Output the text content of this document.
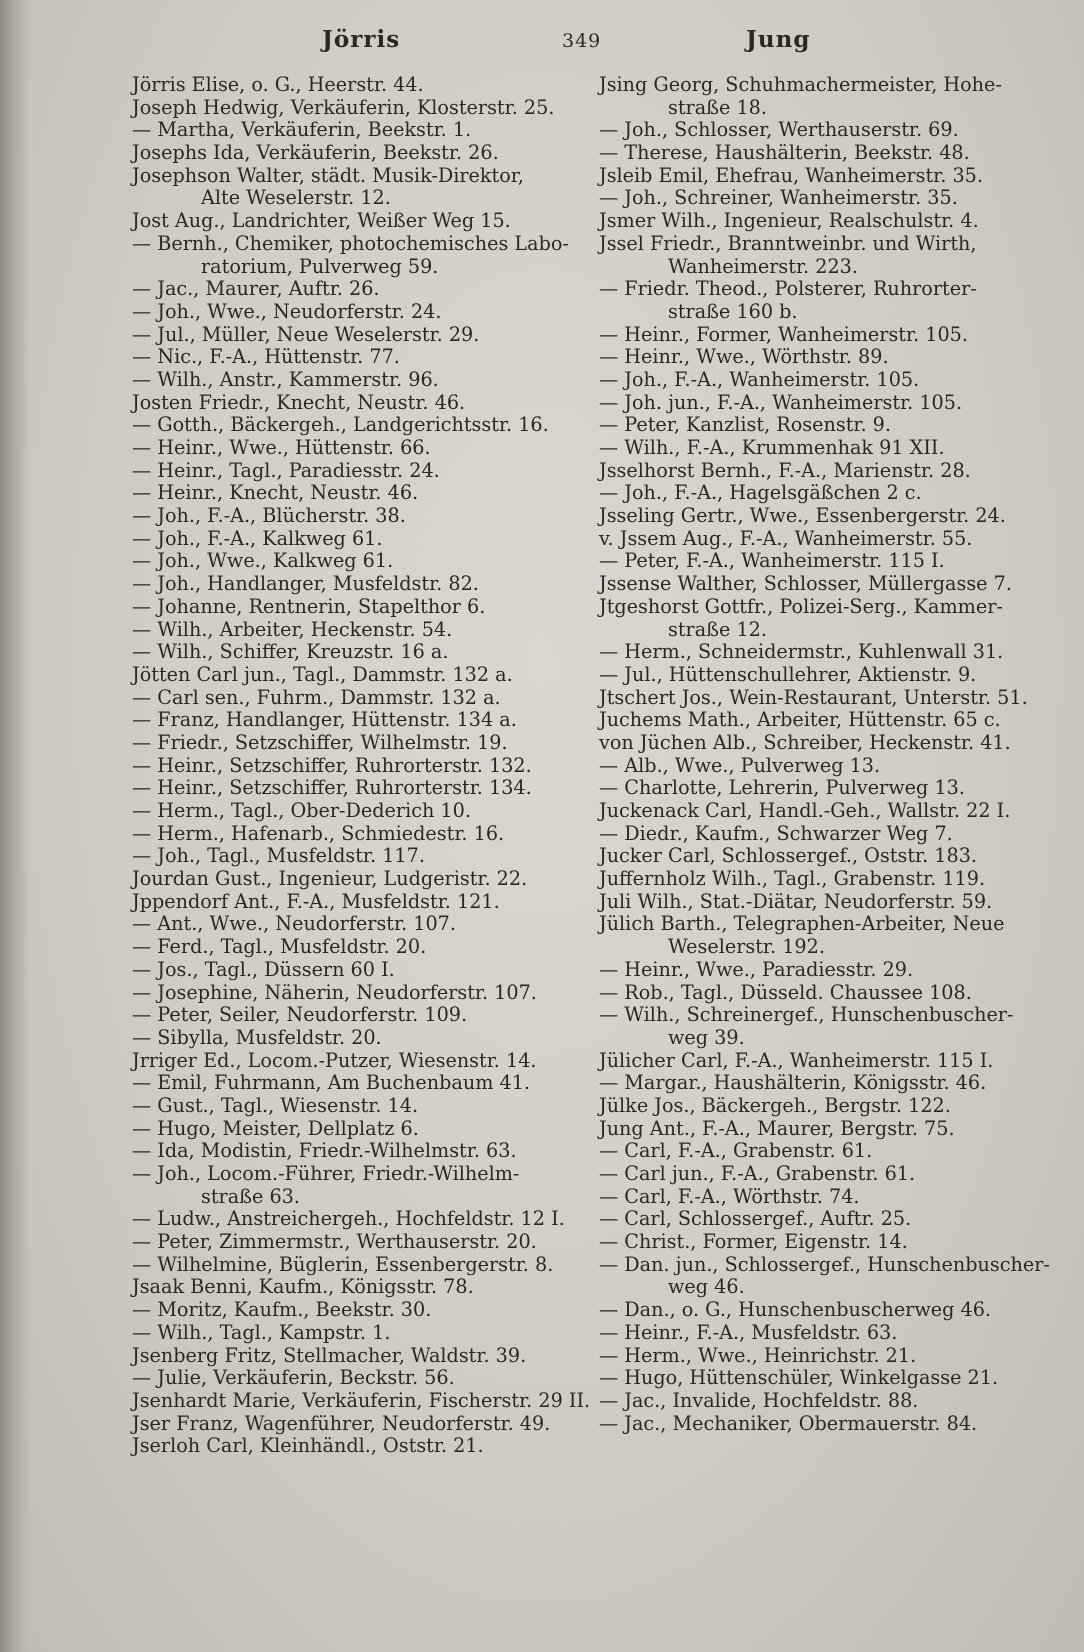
Jörris	349	Jung
Jörris Elise, o. G., Heerstr. 44.
Joseph Hedwig, Verkäuferin, Klosterstr. 25.
— Martha, Verkäuferin, Beekstr. 1.
Josephs Ida, Verkäuferin, Beekstr. 26.
Josephson Walter, städt. Musik-Direktor,
Alte Weselerstr. 12.
Jost Aug., Landrichter, Weißer Weg 15.
— Bernh., Chemiker, photochemisches Labo-
ratorium, Pulverweg 59.
— Jac., Maurer, Auftr. 26.
— Joh., Wwe., Neudorferstr. 24.
— Jul., Müller, Neue Weselerstr. 29.
— Nic., F.-A., Hüttenstr. 77.
— Wilh., Anstr., Kammerstr. 96.
Josten Friedr., Knecht, Neustr. 46.
— Gotth., Bäckergeh., Landgerichtsstr. 16.
— Heinr., Wwe., Hüttenstr. 66.
— Heinr., Tagl., Paradiesstr. 24.
— Heinr., Knecht, Neustr. 46.
— Joh., F.-A., Blücherstr. 38.
— Joh., F.-A., Kalkweg 61.
— Joh., Wwe., Kalkweg 61.
— Joh., Handlanger, Musfeldstr. 82.
— Johanne, Rentnerin, Stapelthor 6.
— Wilh., Arbeiter, Heckenstr. 54.
— Wilh., Schiffer, Kreuzstr. 16 a.
Jötten Carl jun., Tagl., Dammstr. 132 a.
— Carl sen., Fuhrm., Dammstr. 132 a.
— Franz, Handlanger, Hüttenstr. 134 a.
— Friedr., Setzschiffer, Wilhelmstr. 19.
— Heinr., Setzschiffer, Ruhrorterstr. 132.
— Heinr., Setzschiffer, Ruhrorterstr. 134.
— Herm., Tagl., Ober-Dederich 10.
— Herm., Hafenarb., Schmiedestr. 16.
— Joh., Tagl., Musfeldstr. 117.
Jourdan Gust., Ingenieur, Ludgeristr. 22.
Jppendorf Ant., F.-A., Musfeldstr. 121.
— Ant., Wwe., Neudorferstr. 107.
— Ferd., Tagl., Musfeldstr. 20.
— Jos., Tagl., Düssern 60 I.
— Josephine, Näherin, Neudorferstr. 107.
— Peter, Seiler, Neudorferstr. 109.
— Sibylla, Musfeldstr. 20.
Jrriger Ed., Locom.-Putzer, Wiesenstr. 14.
— Emil, Fuhrmann, Am Buchenbaum 41.
— Gust., Tagl., Wiesenstr. 14.
— Hugo, Meister, Dellplatz 6.
— Ida, Modistin, Friedr.-Wilhelmstr. 63.
— Joh., Locom.-Führer, Friedr.-Wilhelm-
straße 63.
— Ludw., Anstreichergeh., Hochfeldstr. 12 I.
— Peter, Zimmermstr., Werthauserstr. 20.
— Wilhelmine, Büglerin, Essenbergerstr. 8.
Jsaak Benni, Kaufm., Königsstr. 78.
— Moritz, Kaufm., Beekstr. 30.
— Wilh., Tagl., Kampstr. 1.
Jsenberg Fritz, Stellmacher, Waldstr. 39.
— Julie, Verkäuferin, Beckstr. 56.
Jsenhardt Marie, Verkäuferin, Fischerstr. 29 II.
Jser Franz, Wagenführer, Neudorferstr. 49.
Jserloh Carl, Kleinhändl., Oststr. 21.
Jsing Georg, Schuhmachermeister, Hohe-
straße 18.
— Joh., Schlosser, Werthauserstr. 69.
— Therese, Haushälterin, Beekstr. 48.
Jsleib Emil, Ehefrau, Wanheimerstr. 35.
— Joh., Schreiner, Wanheimerstr. 35.
Jsmer Wilh., Ingenieur, Realschulstr. 4.
Jssel Friedr., Branntweinbr. und Wirth,
Wanheimerstr. 223.
— Friedr. Theod., Polsterer, Ruhrorter-
straße 160 b.
— Heinr., Former, Wanheimerstr. 105.
— Heinr., Wwe., Wörthstr. 89.
— Joh., F.-A., Wanheimerstr. 105.
— Joh. jun., F.-A., Wanheimerstr. 105.
— Peter, Kanzlist, Rosenstr. 9.
— Wilh., F.-A., Krummenhak 91 XII.
Jsselhorst Bernh., F.-A., Marienstr. 28.
— Joh., F.-A., Hagelsgäßchen 2 c.
Jsseling Gertr., Wwe., Essenbergerstr. 24.
v. Jssem Aug., F.-A., Wanheimerstr. 55.
— Peter, F.-A., Wanheimerstr. 115 I.
Jssense Walther, Schlosser, Müllergasse 7.
Jtgeshorst Gottfr., Polizei-Serg., Kammer-
straße 12.
— Herm., Schneidermstr., Kuhlenwall 31.
— Jul., Hüttenschullehrer, Aktienstr. 9.
Jtschert Jos., Wein-Restaurant, Unterstr. 51.
Juchems Math., Arbeiter, Hüttenstr. 65 c.
von Jüchen Alb., Schreiber, Heckenstr. 41.
— Alb., Wwe., Pulverweg 13.
— Charlotte, Lehrerin, Pulverweg 13.
Juckenack Carl, Handl.-Geh., Wallstr. 22 I.
— Diedr., Kaufm., Schwarzer Weg 7.
Jucker Carl, Schlossergef., Oststr. 183.
Juffernholz Wilh., Tagl., Grabenstr. 119.
Juli Wilh., Stat.-Diätar, Neudorferstr. 59.
Jülich Barth., Telegraphen-Arbeiter, Neue
Weselerstr. 192.
— Heinr., Wwe., Paradiesstr. 29.
— Rob., Tagl., Düsseld. Chaussee 108.
— Wilh., Schreinergef., Hunschenbuscher-
weg 39.
Jülicher Carl, F.-A., Wanheimerstr. 115 I.
— Margar., Haushälterin, Königsstr. 46.
Jülke Jos., Bäckergeh., Bergstr. 122.
Jung Ant., F.-A., Maurer, Bergstr. 75.
— Carl, F.-A., Grabenstr. 61.
— Carl jun., F.-A., Grabenstr. 61.
— Carl, F.-A., Wörthstr. 74.
— Carl, Schlossergef., Auftr. 25.
— Christ., Former, Eigenstr. 14.
— Dan. jun., Schlossergef., Hunschenbuscher-
weg 46.
— Dan., o. G., Hunschenbuscherweg 46.
— Heinr., F.-A., Musfeldstr. 63.
— Herm., Wwe., Heinrichstr. 21.
— Hugo, Hüttenschüler, Winkelgasse 21.
— Jac., Invalide, Hochfeldstr. 88.
— Jac., Mechaniker, Obermauerstr. 84.
